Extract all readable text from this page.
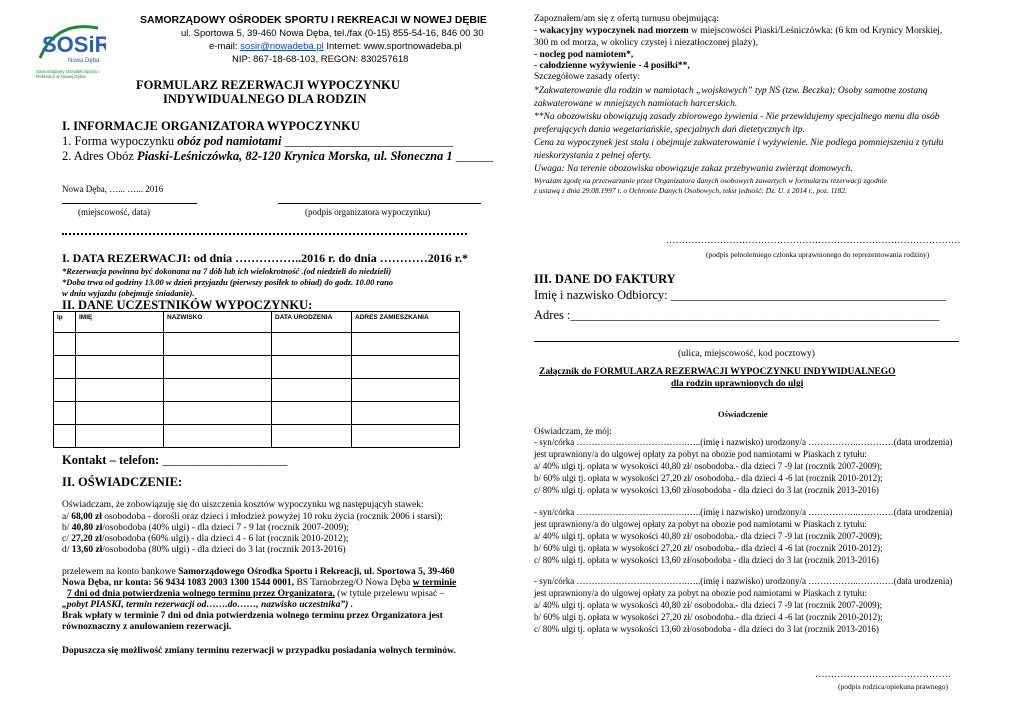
SOSiR
Nowa Dęba
Samorządowy Ośrodek Sportu i Rekreacji w Nowej Dębie
SAMORZĄDOWY OŚRODEK SPORTU I REKREACJI W NOWEJ DĘBIE
ul. Sportowa 5, 39-460 Nowa Dęba, tel./fax (0-15) 855-54-16, 846 00 30
e-mail: sosir@nowadeba.pl Internet: www.sportnowadeba.pl
NIP: 867-18-68-103, REGON: 830257618
FORMULARZ REZERWACJI WYPOCZYNKU
INDYWIDUALNEGO DLA RODZIN
I. INFORMACJE ORGANIZATORA WYPOCZYNKU
1. Forma wypoczynku obóz pod namiotami ___________________________
2. Adres Obóz Piaski-Leśniczówka, 82-120 Krynica Morska, ul. Słoneczna 1 ______
Nowa Dęba, …... …... 2016
(miejscowość, data)	(podpis organizatora wypoczynku)
I. DATA REZERWACJI: od dnia ……………..2016 r. do dnia …………2016 r.*
*Rezerwacja powinna być dokonana na 7 dób lub ich wielokrotność .(od niedzieli do niedzieli)
*Doba trwa od godziny 13.00 w dzień przyjazdu (pierwszy posiłek to obiad) do godz. 10.00 rano
w dniu wyjazdu (obejmuje śniadanie).
II. DANE UCZESTNIKÓW WYPOCZYNKU:
lp	IMIĘ	NAZWISKO	DATA URODZENIA	ADRES ZAMIESZKANIA

Kontakt – telefon: ____________________
II. OŚWIADCZENIE:
Oświadczam, że zobowiązuję się do uiszczenia kosztów wypoczynku wg następującyh stawek:
a/ 68,00 zł osobodoba - dorośli oraz dzieci i młodzież powyżej 10 roku życia (rocznik 2006 i starsi);
b/ 40,80 zł/osobodoba (40% ulgi) - dla dzieci 7 - 9 lat (rocznik 2007-2009);
c/ 27,20 zł/osobodoba (60% ulgi) - dla dzieci 4 - 6 lat (rocznik 2010-2012);
d/ 13,60 zł/osobodoba (80% ulgi) - dla dzieci do 3 lat (rocznik 2013-2016)
przelewem na konto bankowe Samorządowego Ośrodka Sportu i Rekreacji, ul. Sportowa 5, 39-460
Nowa Dęba, nr konta: 56 9434 1083 2003 1300 1544 0001, BS Tarnobrzeg/O Nowa Dęba w terminie
7 dni od dnia potwierdzenia wolnego terminu przez Organizatora, (w tytule przelewu wpisać –
„pobyt PIASKI, termin rezerwacji od…….do……, nazwisko uczestnika”) .
Brak wpłaty w terminie 7 dni od dnia potwierdzenia wolnego terminu przez Organizatora jest
równoznaczny z anulowaniem rezerwacji.
Dopuszcza się możliwość zmiany terminu rezerwacji w przypadku posiadania wolnych terminów.
Zapoznałem/am się z ofertą turnusu obejmującą:
- wakacyjny wypoczynek nad morzem w miejscowości Piaski/Leśniczówka: (6 km od Krynicy Morskiej,
300 m od morza, w okolicy czystej i niezatłoczonej plaży),
- nocleg pod namiotem*,
- całodzienne wyżywienie - 4 posiłki**,
Szczegółowe zasady oferty:
*Zakwaterowanie dla rodzin w namiotach „wojskowych” typ NS (tzw. Beczka); Osoby samotne zostaną
zakwaterowane w mniejszych namiotach harcerskich.
**Na obozowisku obowiązują zasady zbiorowego żywienia - Nie przewidujemy specjalnego menu dla osób
preferujących dania wegetariańskie, specjalnych dań dietetycznych itp.
Cena za wypoczynek jest stała i obejmuje zakwaterowanie i wyżywienie. Nie podlega pomniejszeniu z tytułu
nieskorzystania z pełnej oferty.
Uwaga: Na terenie obozowiska obowiązuje zakaz przebywania zwierząt domowych.
Wyrażam zgodę na przetwarzanie przez Organizatora danych osobowych zawartych w formularzu rezerwacji zgodnie
z ustawą z dnia 29.08.1997 r. o Ochronie Danych Osobowych, tekst jedność: Dz. U. z 2014 r., poz. 1182.
…………………………………………………………………………………
(podpis pełnoletniego członka uprawnionego do reprezentowania rodziny)
III. DANE DO FAKTURY
Imię i nazwisko Odbiorcy: ____________________________________________
Adres :___________________________________________________________
(ulica, miejscowość, kod pocztowy)
Załącznik do FORMULARZA REZERWACJI WYPOCZYNKU INDYWIDUALNEGO
dla rodzin uprawnionych do ulgi
Oświadczenie
Oświadczam, że mój:
- syn/córka ……………………………….…..(imię i nazwisko) urodzony/a ……………..…………(data urodzenia)
jest uprawniony/a do ulgowej opłaty za pobyt na obozie pod namiotami w Piaskach z tytułu:
a/ 40% ulgi tj. opłata w wysokości 40,80 zł/ osobodoba.- dla dzieci 7 -9 lat (rocznik 2007-2009);
b/ 60% ulgi tj. opłata w wysokości 27,20 zł/ osobodoba.- dla dzieci 4 -6 lat (rocznik 2010-2012);
c/ 80% ulgi tj. opłata w wysokości 13,60 zł/osobodoba - dla dzieci do 3 lat (rocznik 2013-2016)
- syn/córka ……………………………….…..(imię i nazwisko) urodzony/a ……………..…………(data urodzenia)
jest uprawniony/a do ulgowej opłaty za pobyt na obozie pod namiotami w Piaskach z tytułu:
a/ 40% ulgi tj. opłata w wysokości 40,80 zł/ osobodoba.- dla dzieci 7 -9 lat (rocznik 2007-2009);
b/ 60% ulgi tj. opłata w wysokości 27,20 zł/ osobodoba.- dla dzieci 4 -6 lat (rocznik 2010-2012);
c/ 80% ulgi tj. opłata w wysokości 13,60 zł/osobodoba - dla dzieci do 3 lat (rocznik 2013-2016)
- syn/córka ……………………………….…..(imię i nazwisko) urodzony/a ……………..…………(data urodzenia)
jest uprawniony/a do ulgowej opłaty za pobyt na obozie pod namiotami w Piaskach z tytułu:
a/ 40% ulgi tj. opłata w wysokości 40,80 zł/ osobodoba.- dla dzieci 7 -9 lat (rocznik 2007-2009);
b/ 60% ulgi tj. opłata w wysokości 27,20 zł/ osobodoba.- dla dzieci 4 -6 lat (rocznik 2010-2012);
c/ 80% ulgi tj. opłata w wysokości 13,60 zł/osobodoba - dla dzieci do 3 lat (rocznik 2013-2016)
…………………………………….
(podpis rodzica/opiekuna prawnego)
